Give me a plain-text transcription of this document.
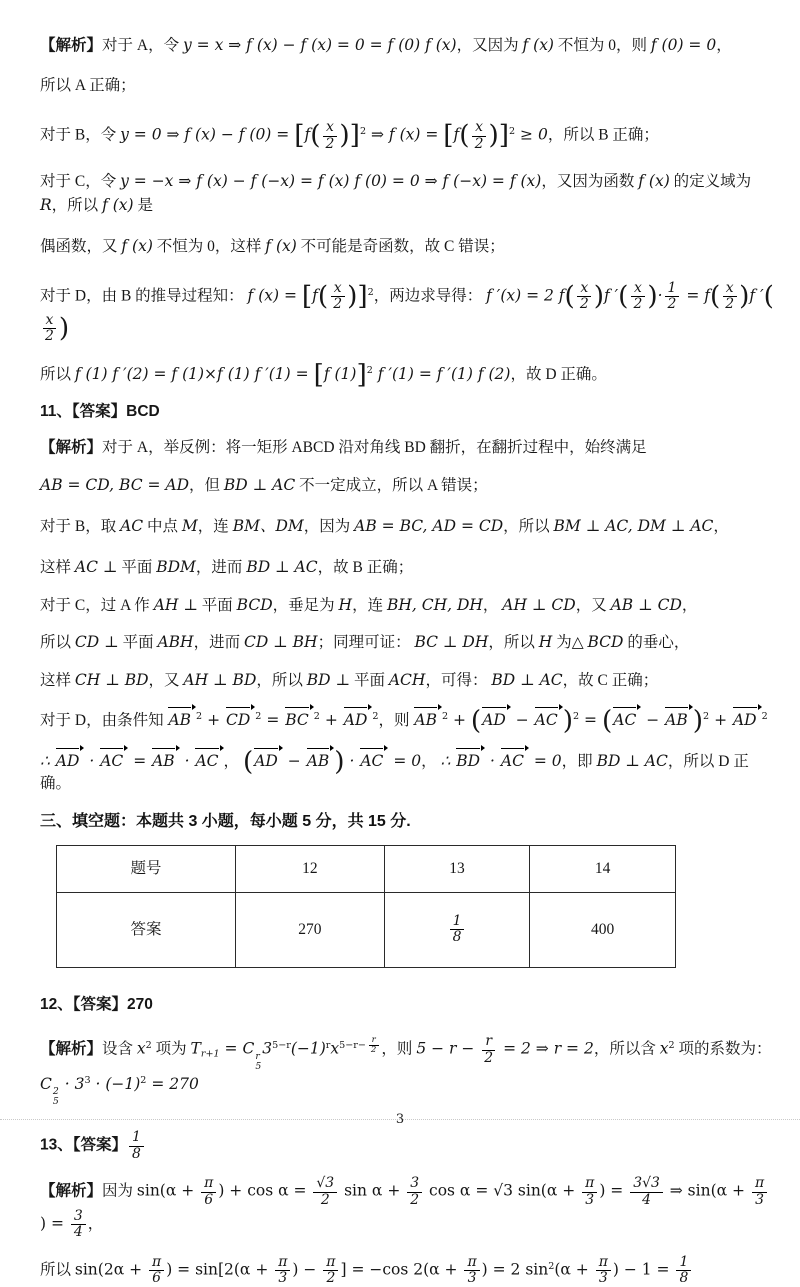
【解析】对于 A，令 y = x ⇒ f (x) − f (x) = 0 = f (0) f (x)，又因为 f (x) 不恒为 0，则 f (0) = 0，
所以 A 正确；
对于 B，令 y = 0 ⇒ f (x) − f $(0) = [f( \frac{x}{2} )]^2$ ⇒ f $(x) = [f( \frac{x}{2} )]^2 \ge 0$，所以 B 正确；
对于 C，令 y = −x ⇒ f (x) − f (−x) = f (x) f (0) = 0 ⇒ f (−x) = f (x)，又因为函数 f (x) 的定义域为 R，所以 f (x) 是
偶函数，又 f (x) 不恒为 0，这样 f (x) 不可能是奇函数，故 C 错误；
对于 D，由 B 的推导过程知： f $(x) = [f( \frac{x}{2} )]^2$，两边求导得： f ′(x) = 2 $f( \frac{x}{2} )f$ ′( $\frac{x}{2}$ )· $\frac{1}{2} = f( \frac{x}{2} )f$ ′(
$\frac{x}{2}$ )
所以 f (1) f ′(2) = f (1)×f (1) f ′(1) = [f (1)]$^2$ f ′(1) = f ′(1) f (2)，故 D 正确。
11、【答案】BCD
【解析】对于 A，举反例：将一矩形 ABCD 沿对角线 BD 翻折，在翻折过程中，始终满足
AB = CD, BC = AD，但 BD ⊥ AC 不一定成立，所以 A 错误；
对于 B，取 AC 中点 M，连 BM、DM，因为 AB = BC, AD = CD，所以 BM ⊥ AC, DM ⊥ AC，
这样 AC ⊥ 平面 BDM，进而 BD ⊥ AC，故 B 正确；
对于 C，过 A 作 AH ⊥ 平面 BCD，垂足为 H，连 BH, CH, DH， AH ⊥ CD，又 AB ⊥ CD，
所以 CD ⊥ 平面 ABH，进而 CD ⊥ BH；同理可证： BC ⊥ DH，所以 H 为△ BCD 的垂心，
这样 CH ⊥ BD，又 AH ⊥ BD，所以 BD ⊥ 平面 ACH，可得： BD ⊥ AC，故 C 正确；
对于 D，由条件知 AB $^2$ + CD $^2$ = BC $^2$ + AD $^2$，则 AB $^2$ + (AD − AC )$^2$ = (AC − AB )$^2$ + AD $^2$
∴ AD · AC = AB · AC ， (AD − AB ) · AC = 0， ∴ BD · AC = 0，即 BD ⊥ AC，所以 D 正确。
三、填空题：本题共 3 小题，每小题 5 分，共 15 分.
题号	12	13	14
答案	270	$\frac{1}{8}$	400
12、【答案】270
【解析】设含 $x^2$ 项为 Tr+1 = C r
5
$3^{5-r}(-1)^rx^{5-r- \frac{r}{2}}$ ，则 $5 - r - \frac{r}{2} = 2$ ⇒ r = 2，所以含 $x^2$ 项的系数为： C 2
5
· $3^3 \cdot (-1)^2 = 270$
13、【答案】 $\frac{1}{8}$
【解析】因为 $\sin(\alpha + \frac{\pi}{6}$ ) + $\cos \alpha = \frac{√3}{2}$ $\sin \alpha + \frac{3}{2}$ cos α = √3 $\sin(\alpha + \frac{\pi}{3}$ ) = $\frac{3√3}{4}$ ⇒ $\sin(\alpha + \frac{\pi}{3}$
) = $\frac{3}{4}$ ，
所以 $\sin(2\alpha + \frac{\pi}{6}$ ) = $\sin[2(\alpha + \frac{\pi}{3}$ ) − $\frac{\pi}{2}$ ] = −cos $2(\alpha + \frac{\pi}{3}$ ) = 2 $\sin^2(\alpha + \frac{\pi}{3}$ ) − $1 = \frac{1}{8}$
3
